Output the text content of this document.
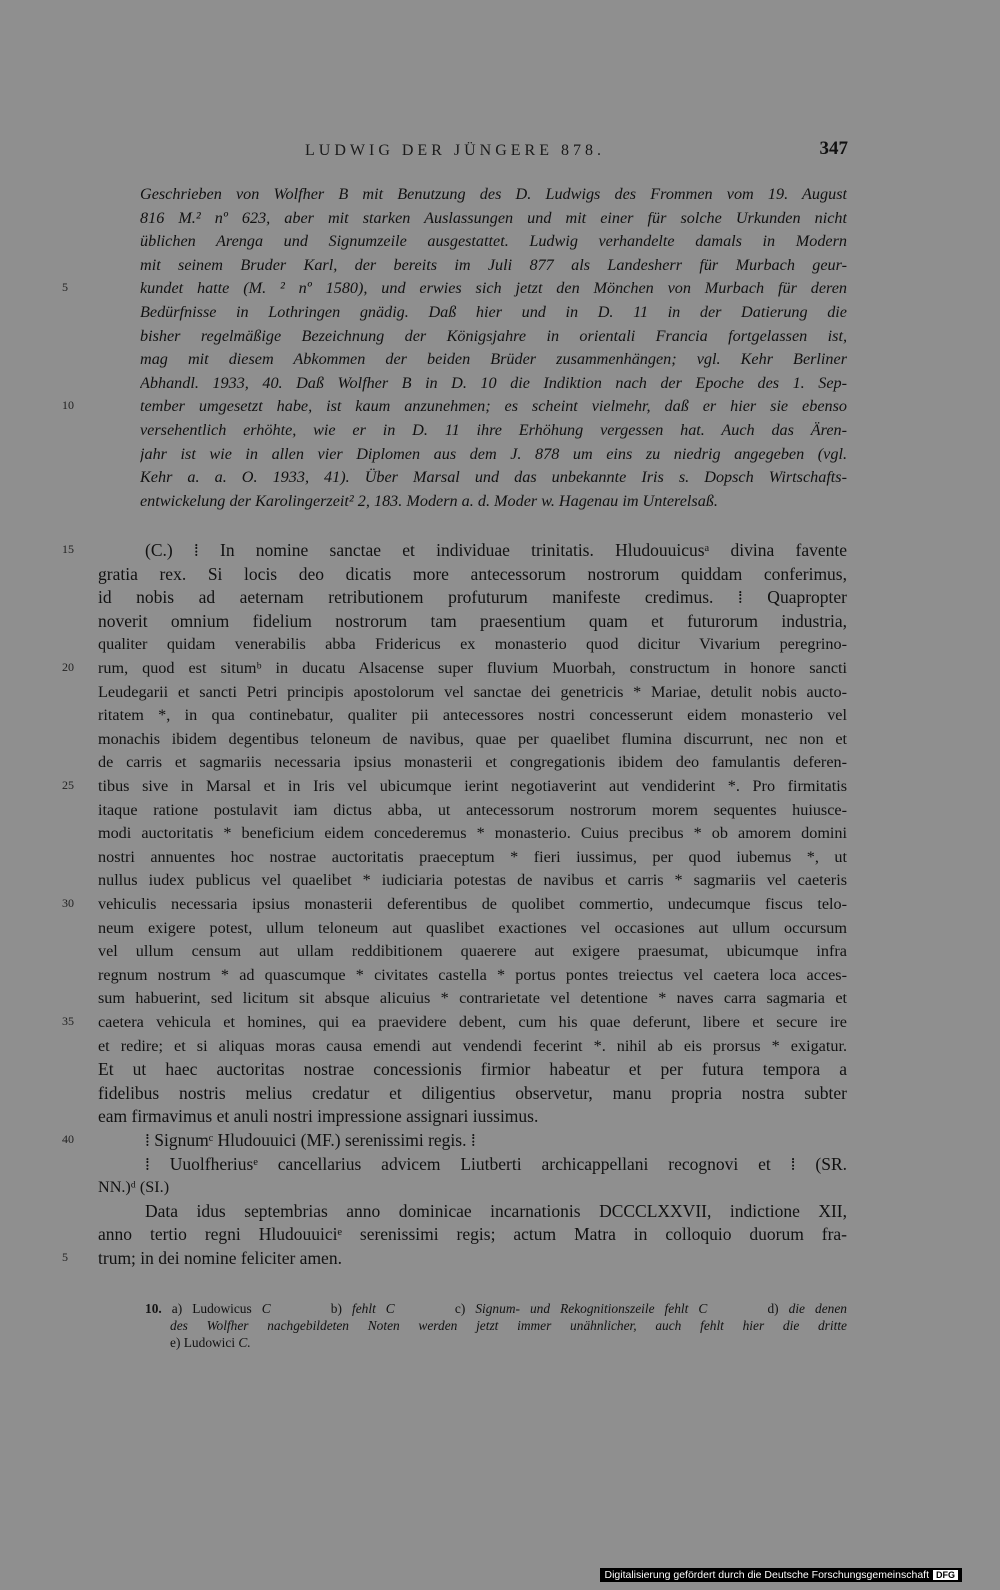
LUDWIG DER JÜNGERE 878.	347
Geschrieben von Wolfher B mit Benutzung des D. Ludwigs des Frommen vom 19. August
816 M.² nº 623, aber mit starken Auslassungen und mit einer für solche Urkunden nicht
üblichen Arenga und Signumzeile ausgestattet. Ludwig verhandelte damals in Modern
mit seinem Bruder Karl, der bereits im Juli 877 als Landesherr für Murbach geur-
kundet hatte (M. ² nº 1580), und erwies sich jetzt den Mönchen von Murbach für deren
5
Bedürfnisse in Lothringen gnädig. Daß hier und in D. 11 in der Datierung die
bisher regelmäßige Bezeichnung der Königsjahre in orientali Francia fortgelassen ist,
mag mit diesem Abkommen der beiden Brüder zusammenhängen; vgl. Kehr Berliner
Abhandl. 1933, 40. Daß Wolfher B in D. 10 die Indiktion nach der Epoche des 1. Sep-
tember umgesetzt habe, ist kaum anzunehmen; es scheint vielmehr, daß er hier sie ebenso
10
versehentlich erhöhte, wie er in D. 11 ihre Erhöhung vergessen hat. Auch das Ären-
jahr ist wie in allen vier Diplomen aus dem J. 878 um eins zu niedrig angegeben (vgl.
Kehr a. a. O. 1933, 41). Über Marsal und das unbekannte Iris s. Dopsch Wirtschafts-
entwickelung der Karolingerzeit² 2, 183. Modern a. d. Moder w. Hagenau im Unterelsaß.
(C.) ⁞ In nomine sanctae et individuae trinitatis. Hludouuicusᵃ divina favente
15
gratia rex. Si locis deo dicatis more antecessorum nostrorum quiddam conferimus,
id nobis ad aeternam retributionem profuturum manifeste credimus. ⁞ Quapropter
noverit omnium fidelium nostrorum tam praesentium quam et futurorum industria,
qualiter quidam venerabilis abba Fridericus ex monasterio quod dicitur Vivarium peregrino-
rum, quod est situmᵇ in ducatu Alsacense super fluvium Muorbah, constructum in honore sancti
20
Leudegarii et sancti Petri principis apostolorum vel sanctae dei genetricis * Mariae, detulit nobis aucto-
ritatem *, in qua continebatur, qualiter pii antecessores nostri concesserunt eidem monasterio vel
monachis ibidem degentibus teloneum de navibus, quae per quaelibet flumina discurrunt, nec non et
de carris et sagmariis necessaria ipsius monasterii et congregationis ibidem deo famulantis deferen-
tibus sive in Marsal et in Iris vel ubicumque ierint negotiaverint aut vendiderint *. Pro firmitatis
25
itaque ratione postulavit iam dictus abba, ut antecessorum nostrorum morem sequentes huiusce-
modi auctoritatis * beneficium eidem concederemus * monasterio. Cuius precibus * ob amorem domini
nostri annuentes hoc nostrae auctoritatis praeceptum * fieri iussimus, per quod iubemus *, ut
nullus iudex publicus vel quaelibet * iudiciaria potestas de navibus et carris * sagmariis vel caeteris
vehiculis necessaria ipsius monasterii deferentibus de quolibet commertio, undecumque fiscus telo-
30
neum exigere potest, ullum teloneum aut quaslibet exactiones vel occasiones aut ullum occursum
vel ullum censum aut ullam reddibitionem quaerere aut exigere praesumat, ubicumque infra
regnum nostrum * ad quascumque * civitates castella * portus pontes treiectus vel caetera loca acces-
sum habuerint, sed licitum sit absque alicuius * contrarietate vel detentione * naves carra sagmaria et
caetera vehicula et homines, qui ea praevidere debent, cum his quae deferunt, libere et secure ire
35
et redire; et si aliquas moras causa emendi aut vendendi fecerint *. nihil ab eis prorsus * exigatur.
Et ut haec auctoritas nostrae concessionis firmior habeatur et per futura tempora a
fidelibus nostris melius credatur et diligentius observetur, manu propria nostra subter
eam firmavimus et anuli nostri impressione assignari iussimus.
⁞ Signumᶜ Hludouuici (MF.) serenissimi regis. ⁞
40
⁞ Uuolfheriusᵉ cancellarius advicem Liutberti archicappellani recognovi et ⁞ (SR.
NN.)ᵈ (SI.)
Data idus septembrias anno dominicae incarnationis DCCCLXXVII, indictione XII,
anno tertio regni Hludouuiciᵉ serenissimi regis; actum Matra in colloquio duorum fra-
trum; in dei nomine feliciter amen.
5
10. a) Ludowicus C      b) fehlt C      c) Signum- und Rekognitionszeile fehlt C      d) die denen
des Wolfher nachgebildeten Noten werden jetzt immer unähnlicher, auch fehlt hier die dritte
e) Ludowici C.
Digitalisierung gefördert durch die Deutsche Forschungsgemeinschaft DFG
